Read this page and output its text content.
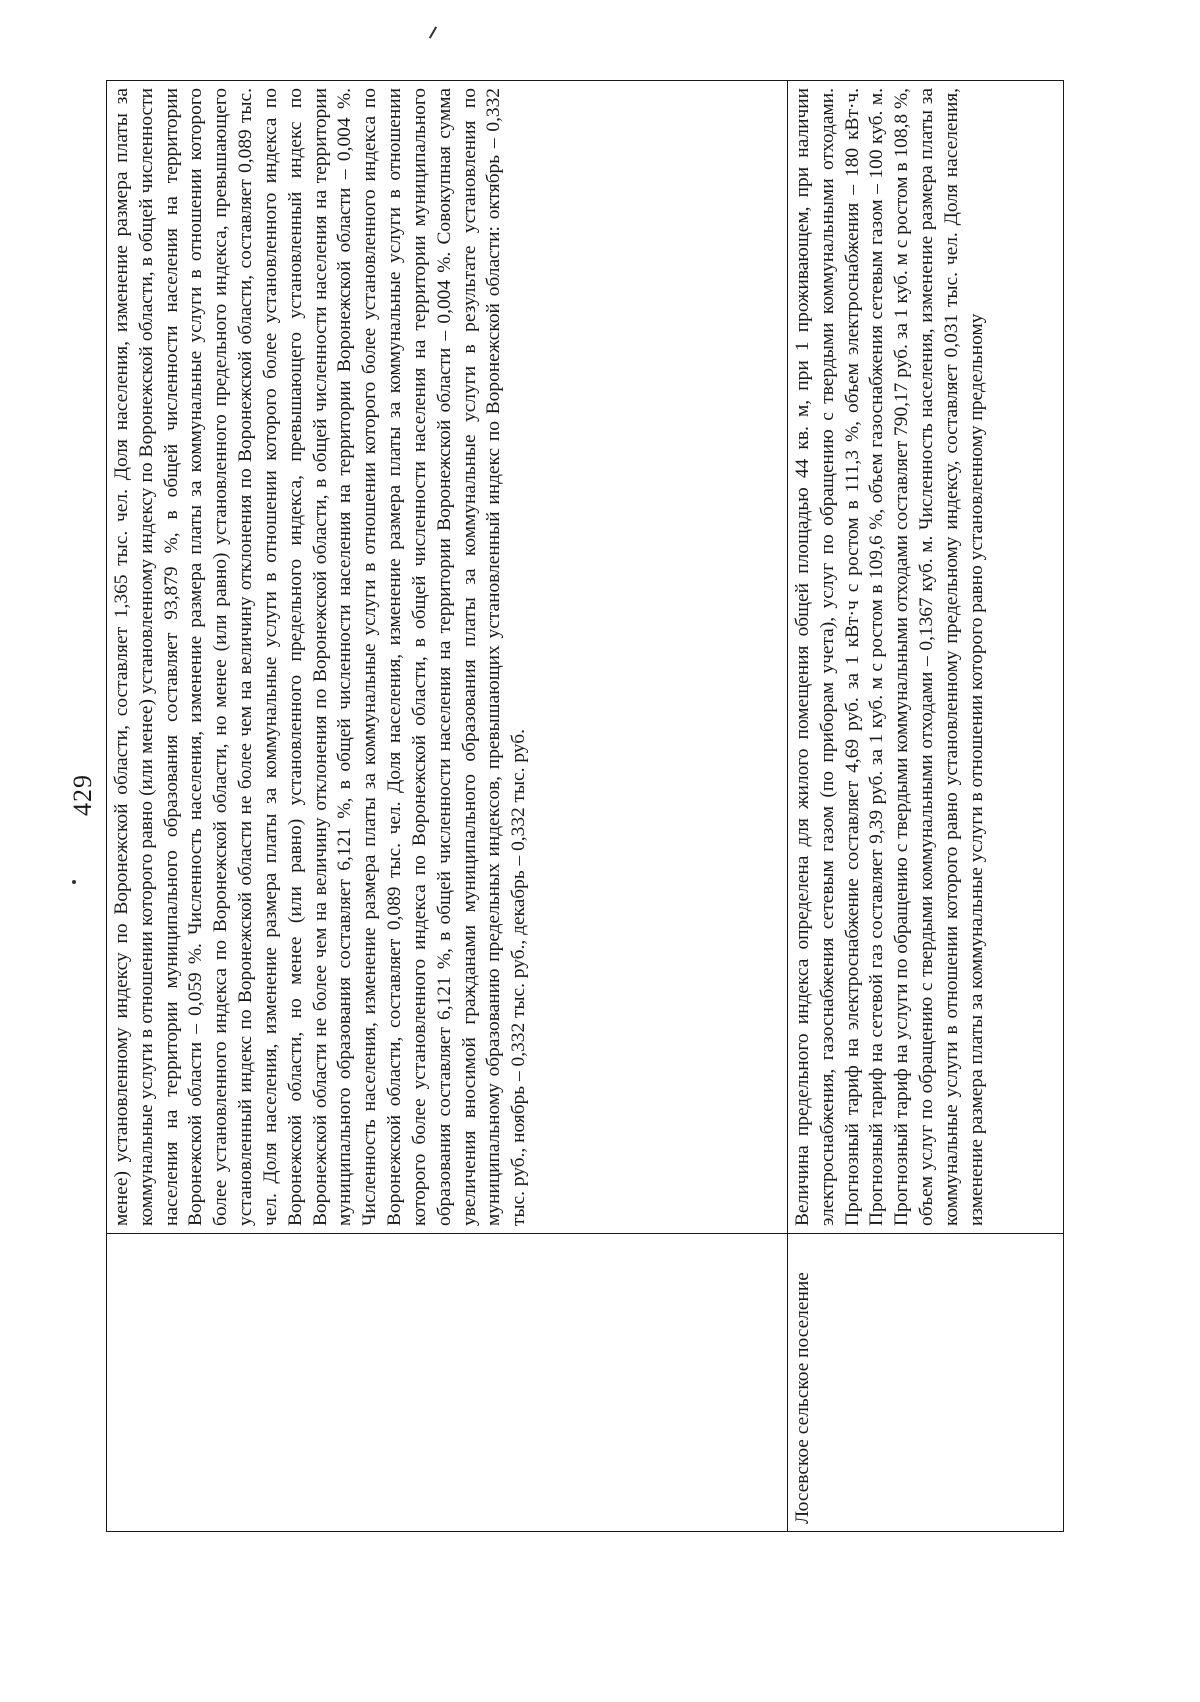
429
	менее) установленному индексу по Воронежской области, составляет 1,365 тыс. чел. Доля населения, изменение размера платы за коммунальные услуги в отношении которого равно (или менее) установленному индексу по Воронежской области, в общей численности населения на территории муниципального образования составляет 93,879 %, в общей численности населения на территории Воронежской области – 0,059 %. Численность населения, изменение размера платы за коммунальные услуги в отношении которого более установленного индекса по Воронежской области, но менее (или равно) установленного предельного индекса, превышающего установленный индекс по Воронежской области не более чем на величину отклонения по Воронежской области, составляет 0,089 тыс. чел. Доля населения, изменение размера платы за коммунальные услуги в отношении которого более установленного индекса по Воронежской области, но менее (или равно) установленного предельного индекса, превышающего установленный индекс по Воронежской области не более чем на величину отклонения по Воронежской области, в общей численности населения на территории муниципального образования составляет 6,121 %, в общей численности населения на территории Воронежской области – 0,004 %. Численность населения, изменение размера платы за коммунальные услуги в отношении которого более установленного индекса по Воронежской области, составляет 0,089 тыс. чел. Доля населения, изменение размера платы за коммунальные услуги в отношении которого более установленного индекса по Воронежской области, в общей численности населения на территории муниципального образования составляет 6,121 %, в общей численности населения на территории Воронежской области – 0,004 %. Совокупная сумма увеличения вносимой гражданами муниципального образования платы за коммунальные услуги в результате установления по муниципальному образованию предельных индексов, превышающих установленный индекс по Воронежской области: октябрь – 0,332 тыс. руб., ноябрь – 0,332 тыс. руб., декабрь – 0,332 тыс. руб.
Лосевское сельское поселение	Величина предельного индекса определена для жилого помещения общей площадью 44 кв. м, при 1 проживающем, при наличии электроснабжения, газоснабжения сетевым газом (по приборам учета), услуг по обращению с твердыми коммунальными отходами. Прогнозный тариф на электроснабжение составляет 4,69 руб. за 1 кВт·ч с ростом в 111,3 %, объем электроснабжения – 180 кВт·ч. Прогнозный тариф на сетевой газ составляет 9,39 руб. за 1 куб. м с ростом в 109,6 %, объем газоснабжения сетевым газом – 100 куб. м. Прогнозный тариф на услуги по обращению с твердыми коммунальными отходами составляет 790,17 руб. за 1 куб. м с ростом в 108,8 %, объем услуг по обращению с твердыми коммунальными отходами – 0,1367 куб. м. Численность населения, изменение размера платы за коммунальные услуги в отношении которого равно установленному предельному индексу, составляет 0,031 тыс. чел. Доля населения, изменение размера платы за коммунальные услуги в отношении которого равно установленному предельному
